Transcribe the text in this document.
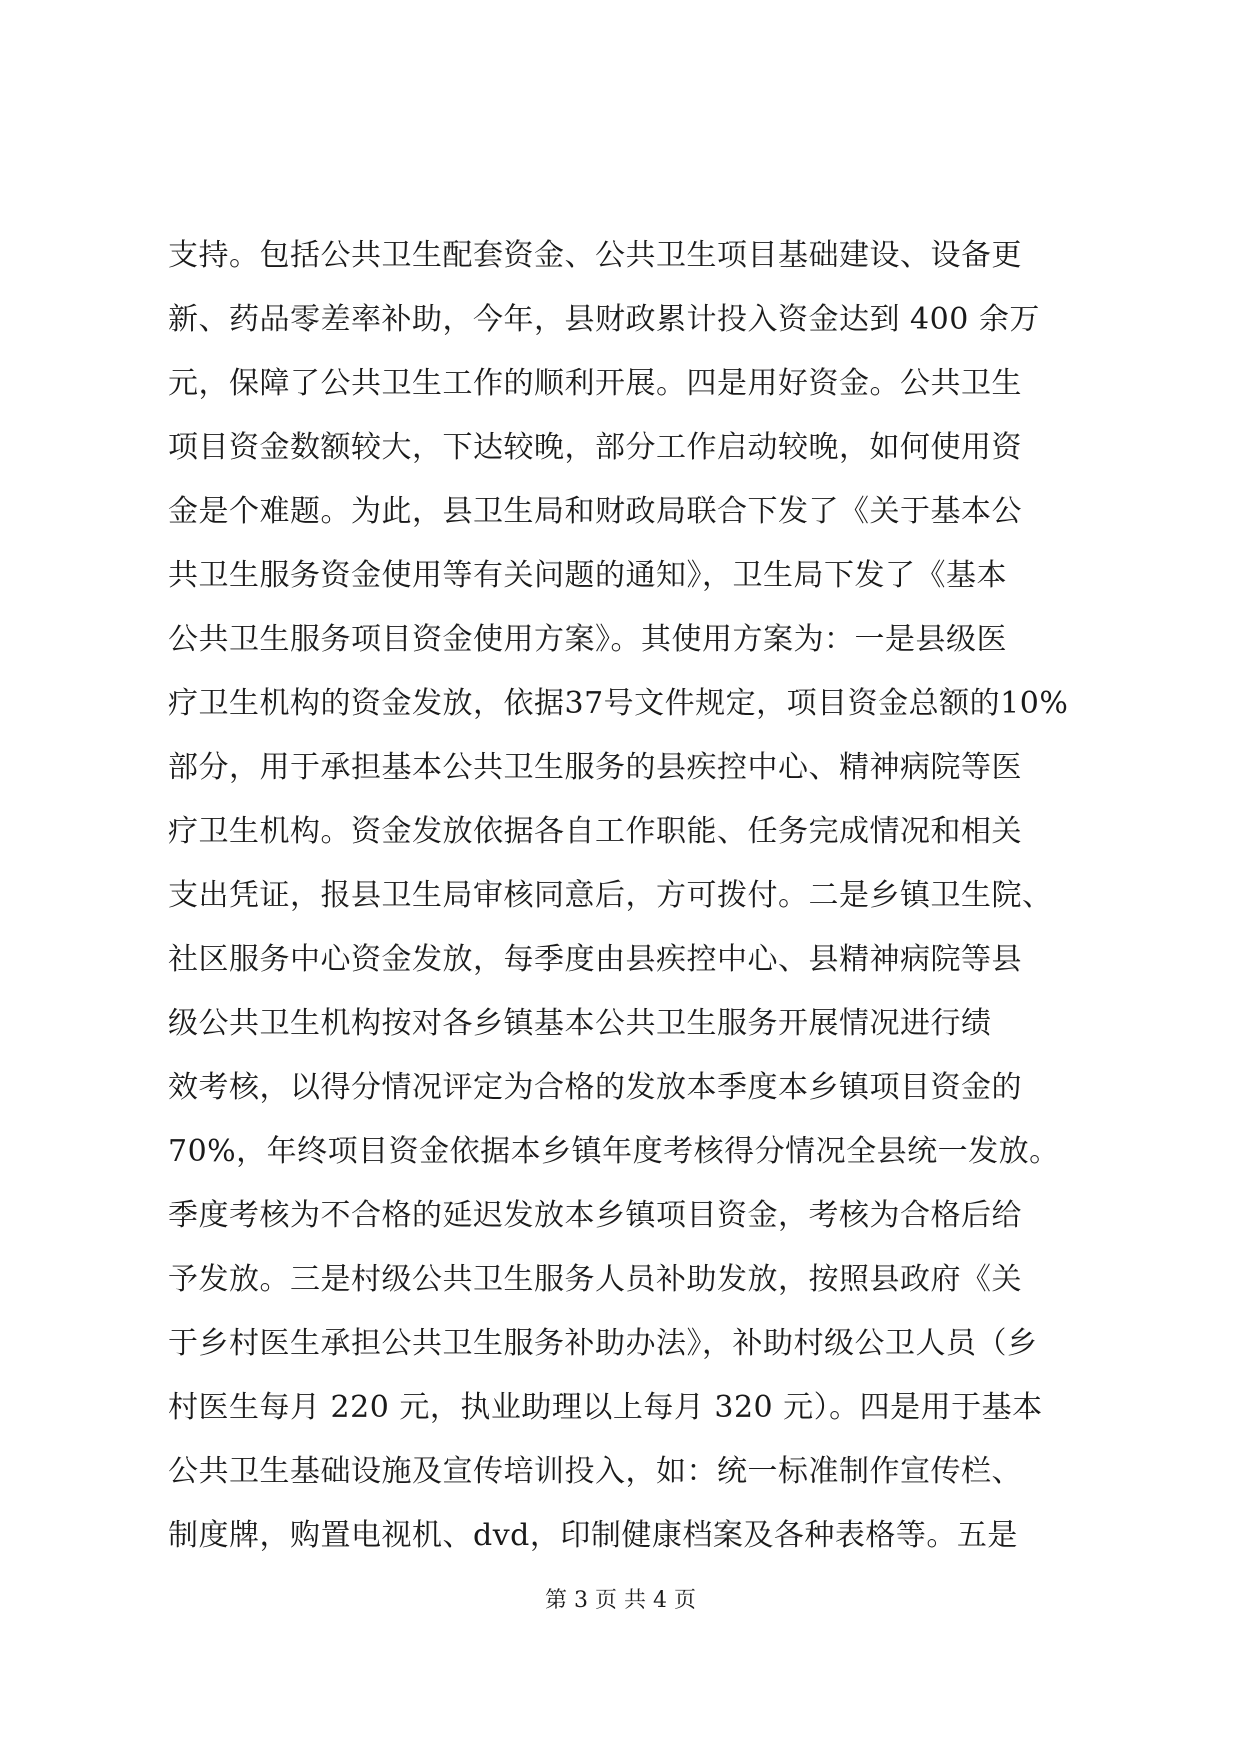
支持。包括公共卫生配套资金、公共卫生项目基础建设、设备更
新、药品零差率补助，今年，县财政累计投入资金达到 400 余万
元，保障了公共卫生工作的顺利开展。四是用好资金。公共卫生
项目资金数额较大，下达较晚，部分工作启动较晚，如何使用资
金是个难题。为此，县卫生局和财政局联合下发了《关于基本公
共卫生服务资金使用等有关问题的通知》，卫生局下发了《基本
公共卫生服务项目资金使用方案》。其使用方案为：一是县级医
疗卫生机构的资金发放，依据37号文件规定，项目资金总额的10%
部分，用于承担基本公共卫生服务的县疾控中心、精神病院等医
疗卫生机构。资金发放依据各自工作职能、任务完成情况和相关
支出凭证，报县卫生局审核同意后，方可拨付。二是乡镇卫生院、
社区服务中心资金发放，每季度由县疾控中心、县精神病院等县
级公共卫生机构按对各乡镇基本公共卫生服务开展情况进行绩
效考核，以得分情况评定为合格的发放本季度本乡镇项目资金的
70%，年终项目资金依据本乡镇年度考核得分情况全县统一发放。
季度考核为不合格的延迟发放本乡镇项目资金，考核为合格后给
予发放。三是村级公共卫生服务人员补助发放，按照县政府《关
于乡村医生承担公共卫生服务补助办法》，补助村级公卫人员（乡
村医生每月 220 元，执业助理以上每月 320 元）。四是用于基本
公共卫生基础设施及宣传培训投入，如：统一标准制作宣传栏、
制度牌，购置电视机、dvd，印制健康档案及各种表格等。五是
第 3 页 共 4 页
